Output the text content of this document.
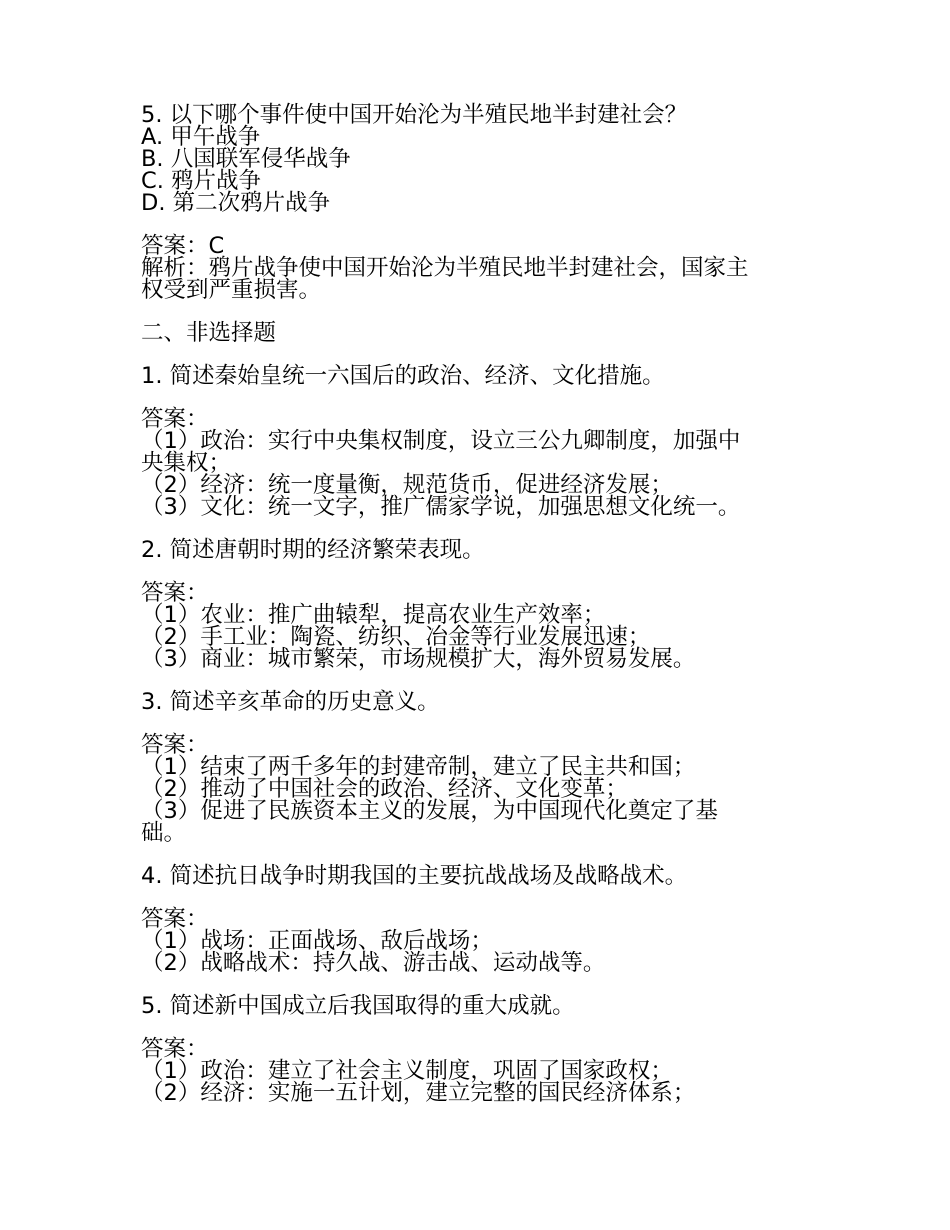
5. 以下哪个事件使中国开始沦为半殖民地半封建社会？
A. 甲午战争
B. 八国联军侵华战争
C. 鸦片战争
D. 第二次鸦片战争
答案：C
解析：鸦片战争使中国开始沦为半殖民地半封建社会，国家主
权受到严重损害。
二、非选择题
1. 简述秦始皇统一六国后的政治、经济、文化措施。
答案：
（1）政治：实行中央集权制度，设立三公九卿制度，加强中
央集权；
（2）经济：统一度量衡，规范货币，促进经济发展；
（3）文化：统一文字，推广儒家学说，加强思想文化统一。
2. 简述唐朝时期的经济繁荣表现。
答案：
（1）农业：推广曲辕犁，提高农业生产效率；
（2）手工业：陶瓷、纺织、冶金等行业发展迅速；
（3）商业：城市繁荣，市场规模扩大，海外贸易发展。
3. 简述辛亥革命的历史意义。
答案：
（1）结束了两千多年的封建帝制，建立了民主共和国；
（2）推动了中国社会的政治、经济、文化变革；
（3）促进了民族资本主义的发展，为中国现代化奠定了基
础。
4. 简述抗日战争时期我国的主要抗战战场及战略战术。
答案：
（1）战场：正面战场、敌后战场；
（2）战略战术：持久战、游击战、运动战等。
5. 简述新中国成立后我国取得的重大成就。
答案：
（1）政治：建立了社会主义制度，巩固了国家政权；
（2）经济：实施一五计划，建立完整的国民经济体系；
